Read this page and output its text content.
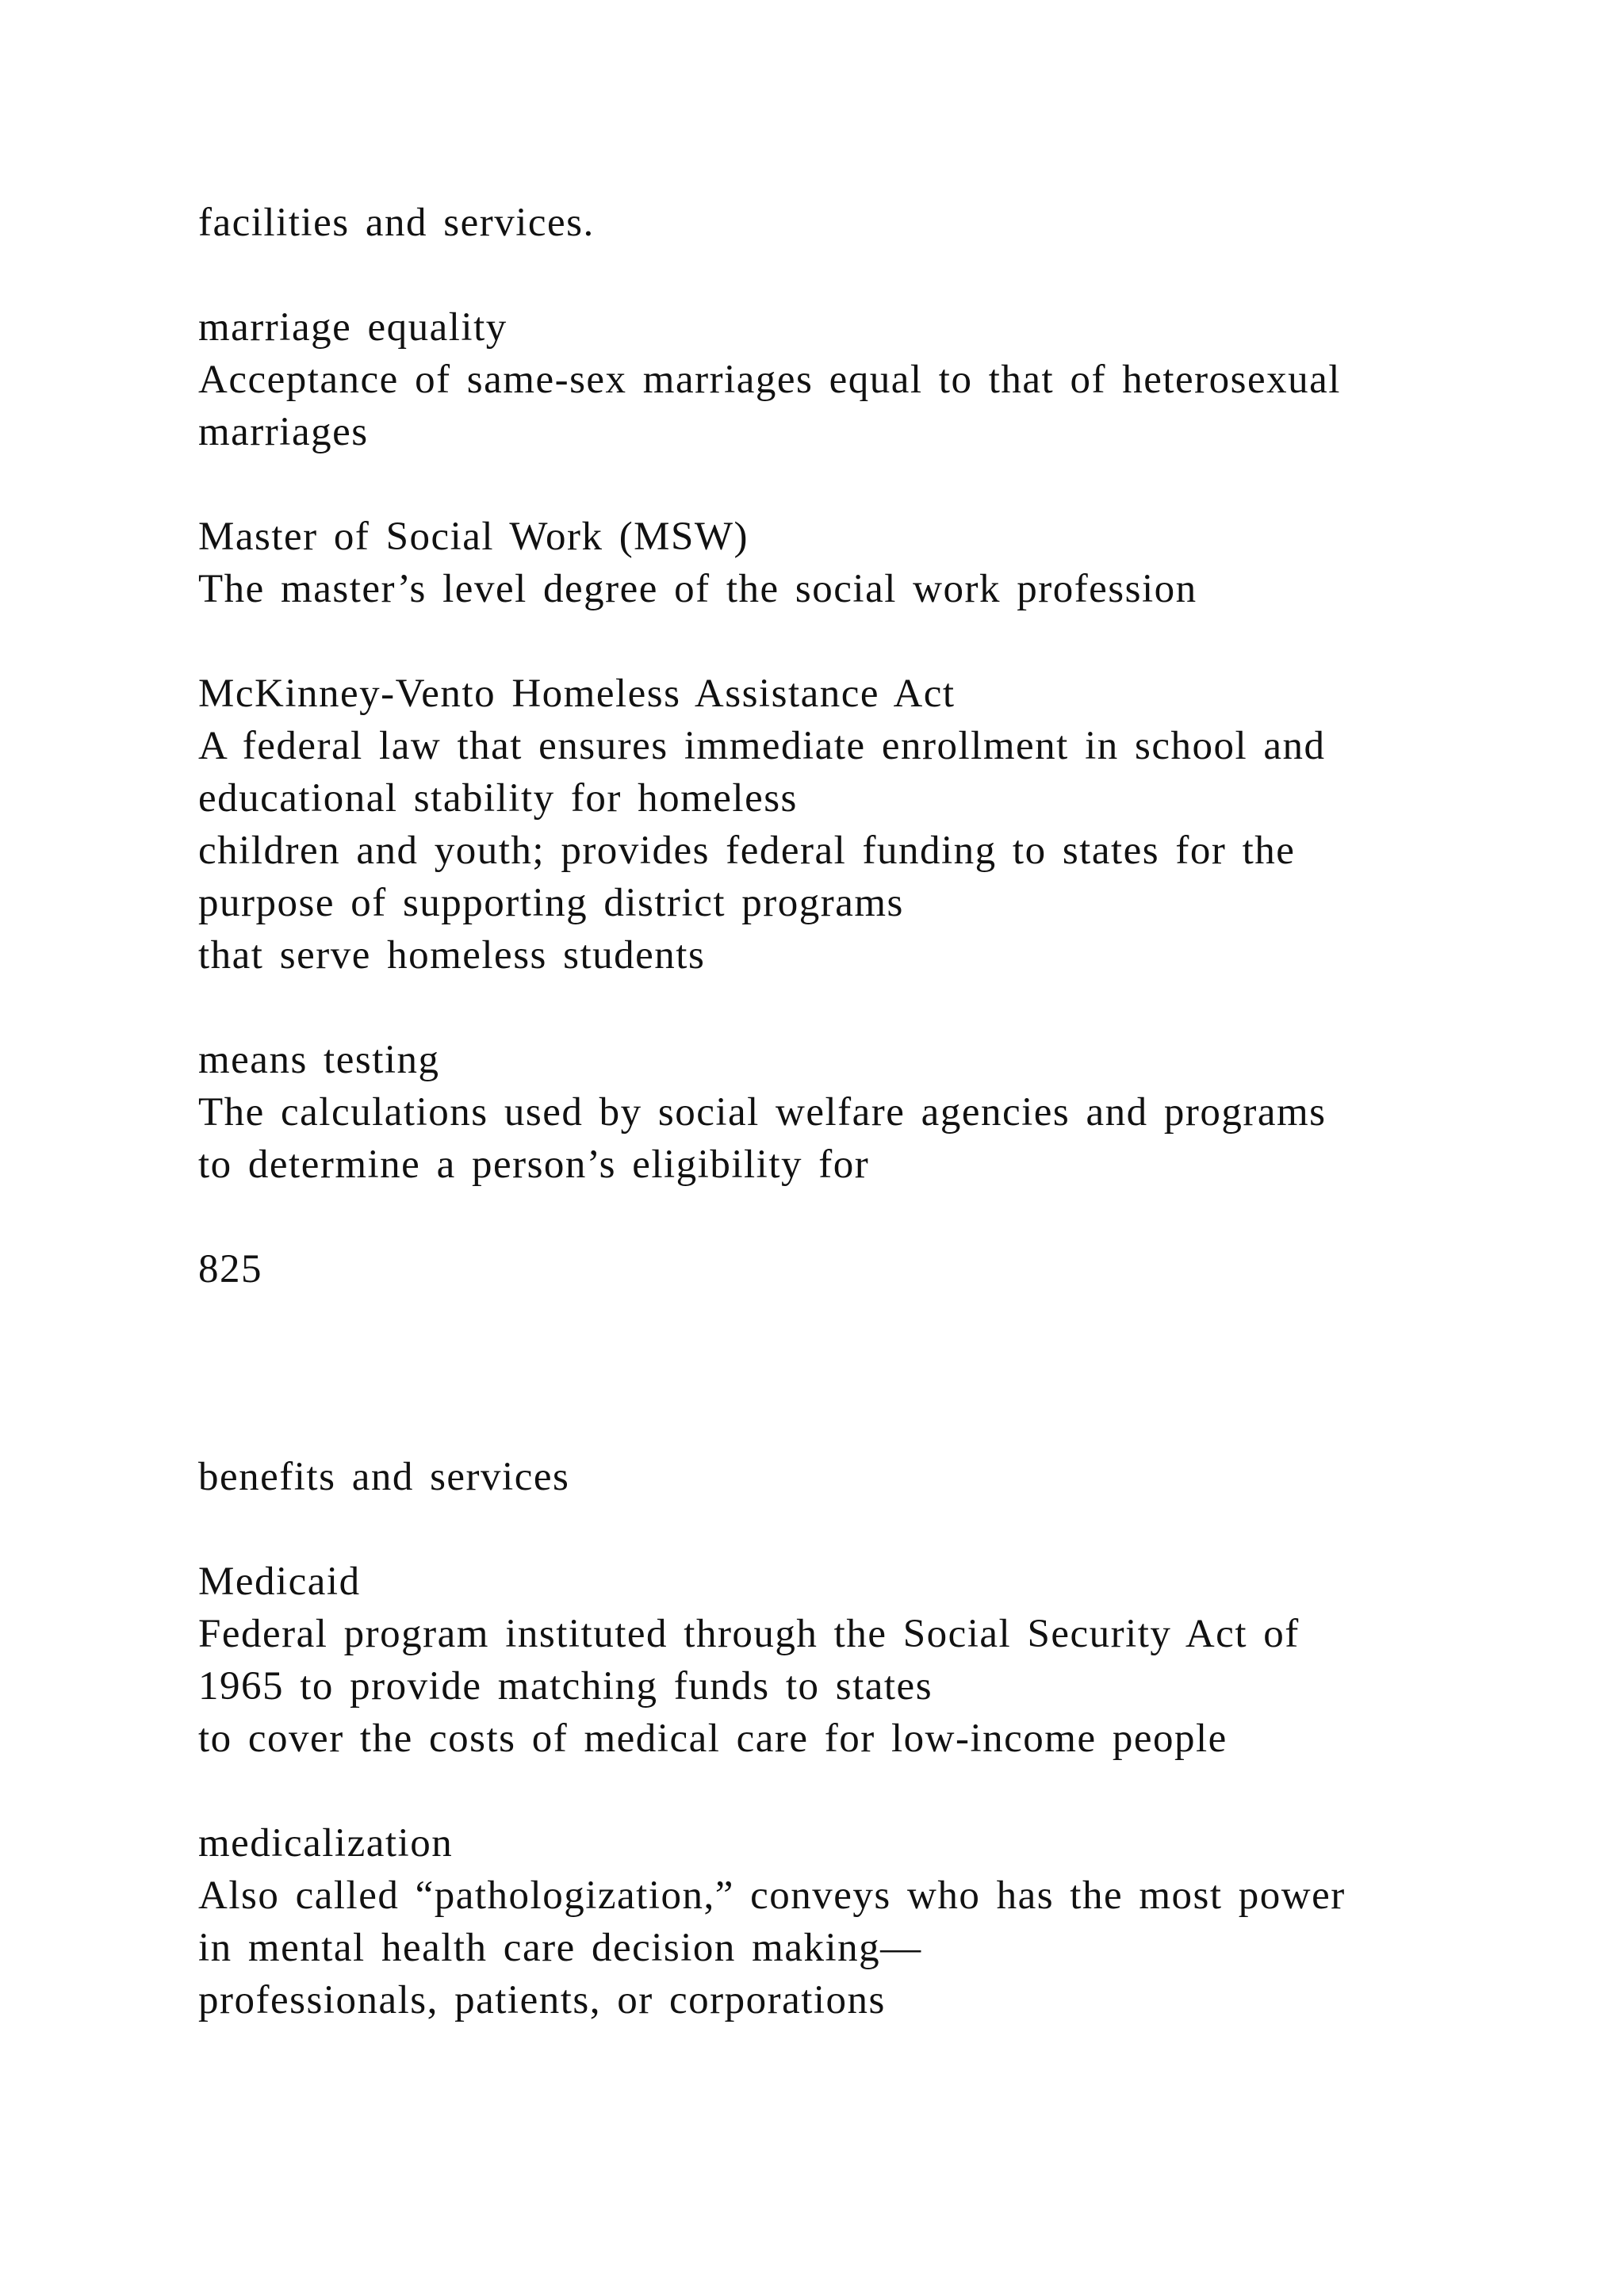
facilities and services.
marriage equality
Acceptance of same-sex marriages equal to that of heterosexual
marriages
Master of Social Work (MSW)
The master’s level degree of the social work profession
McKinney-Vento Homeless Assistance Act
A federal law that ensures immediate enrollment in school and
educational stability for homeless
children and youth; provides federal funding to states for the
purpose of supporting district programs
that serve homeless students
means testing
The calculations used by social welfare agencies and programs
to determine a person’s eligibility for
825
benefits and services
Medicaid
Federal program instituted through the Social Security Act of
1965 to provide matching funds to states
to cover the costs of medical care for low-income people
medicalization
Also called “pathologization,” conveys who has the most power
in mental health care decision making—
professionals, patients, or corporations
